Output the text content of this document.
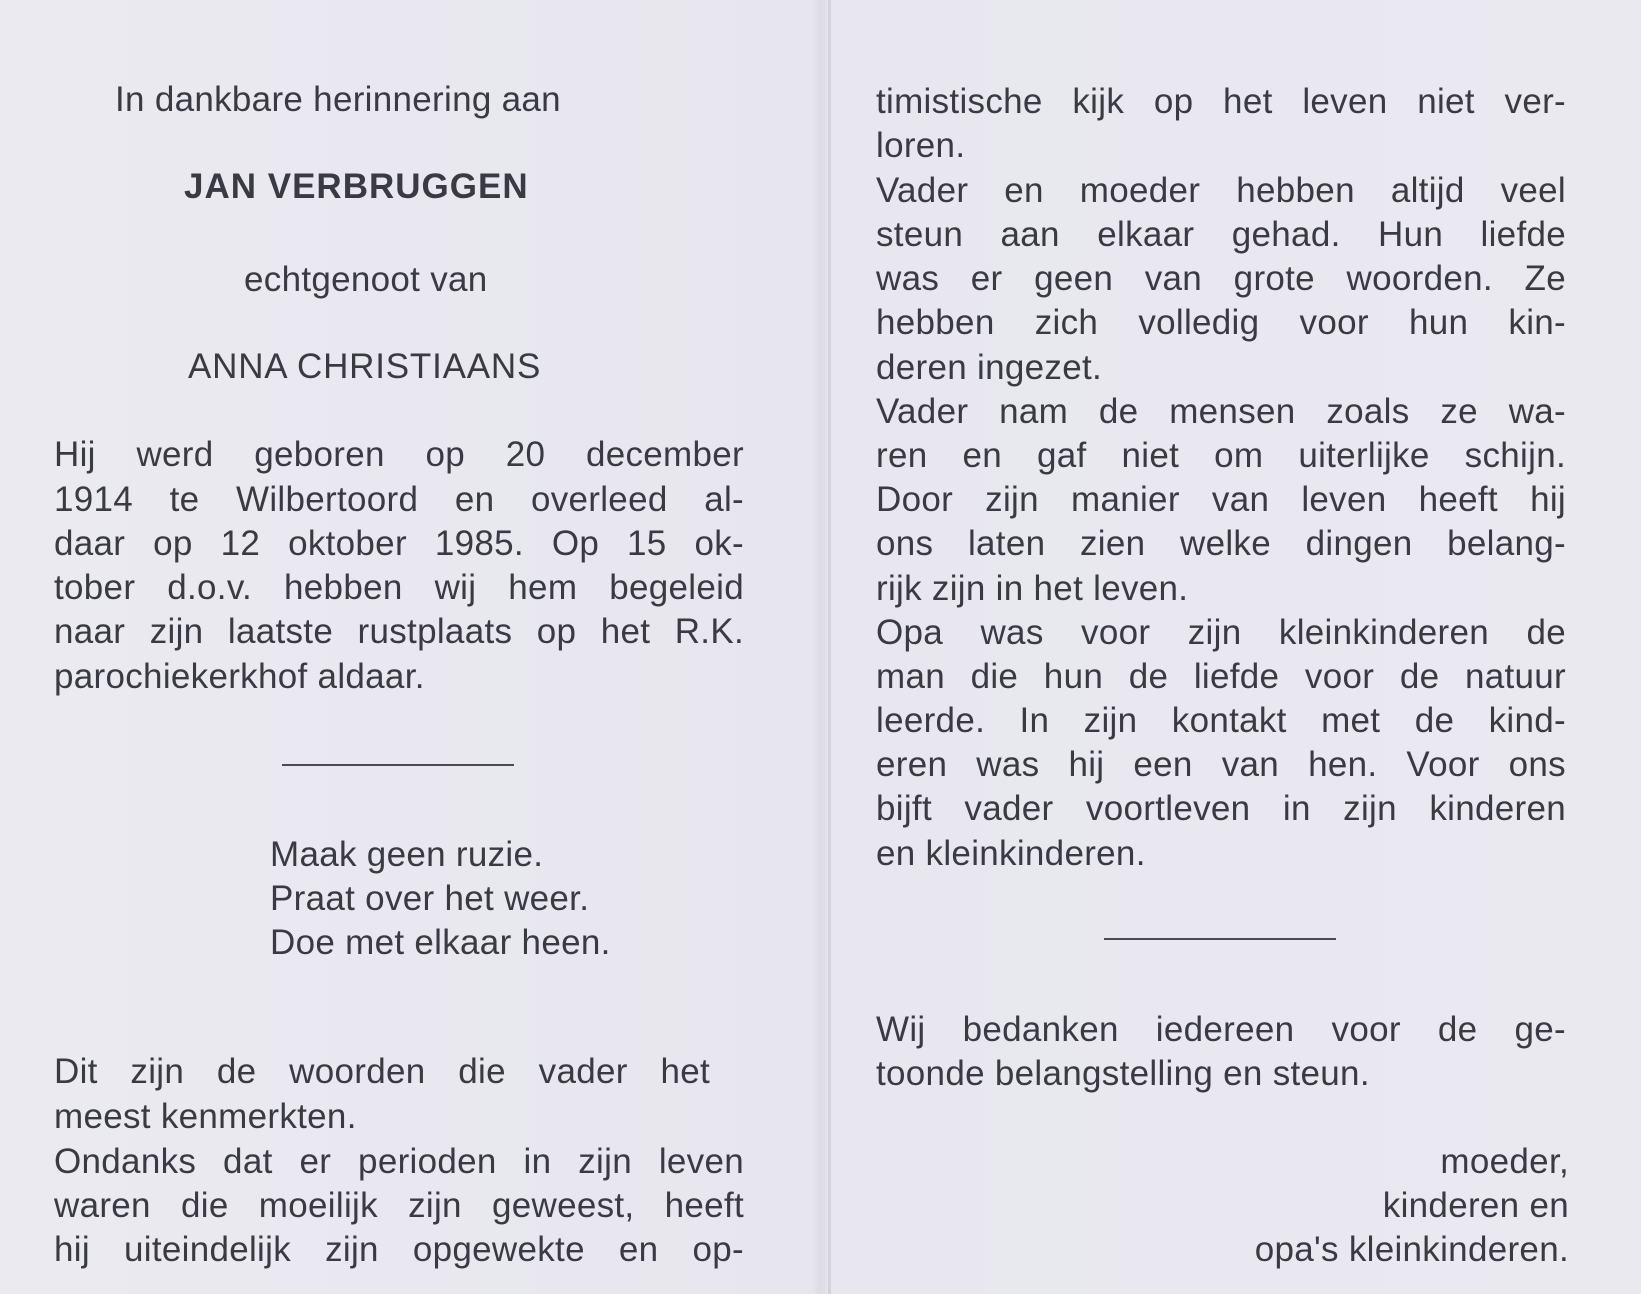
In dankbare herinnering aan
JAN VERBRUGGEN
echtgenoot van
ANNA CHRISTIAANS
Hij werd geboren op 20 december
1914 te Wilbertoord en overleed al-
daar op 12 oktober 1985. Op 15 ok-
tober d.o.v. hebben wij hem begeleid
naar zijn laatste rustplaats op het R.K.
parochiekerkhof aldaar.
Maak geen ruzie.
Praat over het weer.
Doe met elkaar heen.
Dit zijn de woorden die vader het
meest kenmerkten.
Ondanks dat er perioden in zijn leven
waren die moeilijk zijn geweest, heeft
hij uiteindelijk zijn opgewekte en op-
timistische kijk op het leven niet ver-
loren.
Vader en moeder hebben altijd veel
steun aan elkaar gehad. Hun liefde
was er geen van grote woorden. Ze
hebben zich volledig voor hun kin-
deren ingezet.
Vader nam de mensen zoals ze wa-
ren en gaf niet om uiterlijke schijn.
Door zijn manier van leven heeft hij
ons laten zien welke dingen belang-
rijk zijn in het leven.
Opa was voor zijn kleinkinderen de
man die hun de liefde voor de natuur
leerde. In zijn kontakt met de kind-
eren was hij een van hen. Voor ons
bijft vader voortleven in zijn kinderen
en kleinkinderen.
Wij bedanken iedereen voor de ge-
toonde belangstelling en steun.
moeder,
kinderen en
opa's kleinkinderen.
